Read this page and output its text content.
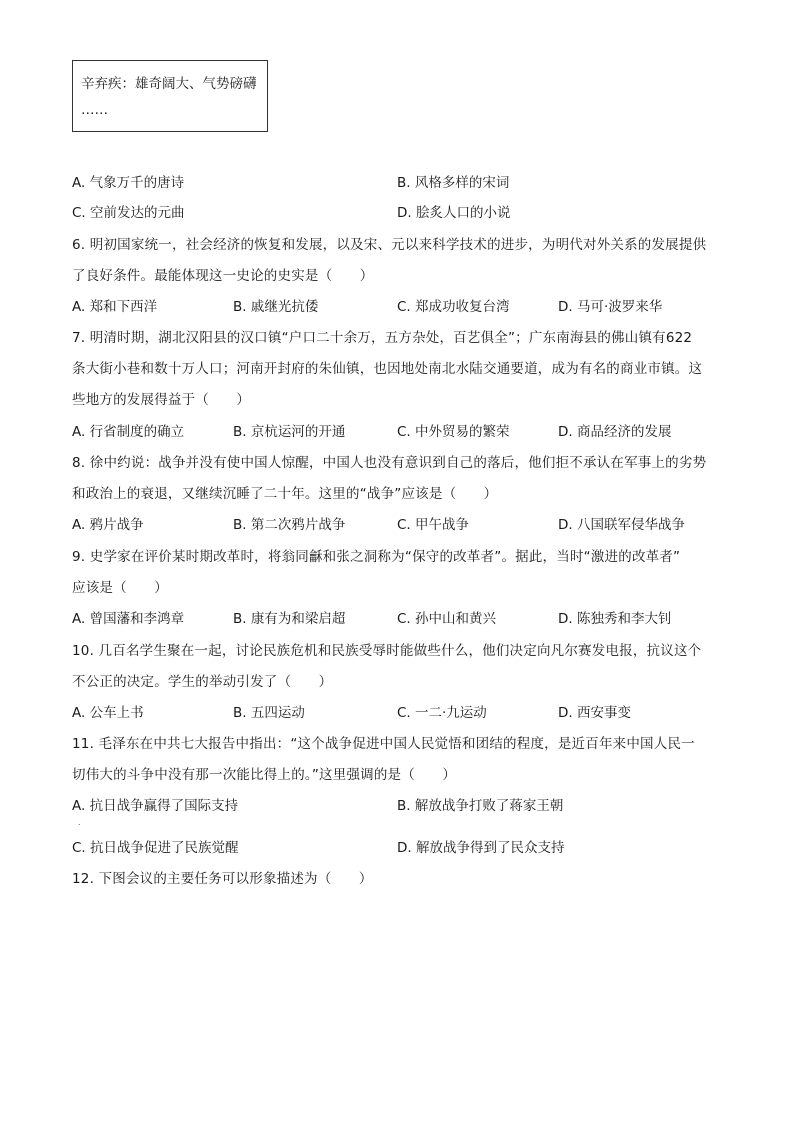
辛弃疾：雄奇阔大、气势磅礴
……
A. 气象万千的唐诗	B. 风格多样的宋词
C. 空前发达的元曲	D. 脍炙人口的小说
6. 明初国家统一，社会经济的恢复和发展，以及宋、元以来科学技术的进步，为明代对外关系的发展提供
了良好条件。最能体现这一史论的史实是（　　）
A. 郑和下西洋	B. 戚继光抗倭	C. 郑成功收复台湾	D. 马可·波罗来华
7. 明清时期，湖北汉阳县的汉口镇“户口二十余万，五方杂处，百艺俱全”；广东南海县的佛山镇有622
条大街小巷和数十万人口；河南开封府的朱仙镇，也因地处南北水陆交通要道，成为有名的商业市镇。这
些地方的发展得益于（　　）
A. 行省制度的确立	B. 京杭运河的开通	C. 中外贸易的繁荣	D. 商品经济的发展
8. 徐中约说：战争并没有使中国人惊醒，中国人也没有意识到自己的落后，他们拒不承认在军事上的劣势
和政治上的衰退，又继续沉睡了二十年。这里的“战争”应该是（　　）
A. 鸦片战争	B. 第二次鸦片战争	C. 甲午战争	D. 八国联军侵华战争
9. 史学家在评价某时期改革时，将翁同龢和张之洞称为“保守的改革者”。据此，当时“激进的改革者”
应该是（　　）
A. 曾国藩和李鸿章	B. 康有为和梁启超	C. 孙中山和黄兴	D. 陈独秀和李大钊
10. 几百名学生聚在一起，讨论民族危机和民族受辱时能做些什么，他们决定向凡尔赛发电报，抗议这个
不公正的决定。学生的举动引发了（　　）
A. 公车上书	B. 五四运动	C. 一二·九运动	D. 西安事变
11. 毛泽东在中共七大报告中指出：“这个战争促进中国人民觉悟和团结的程度，是近百年来中国人民一
切伟大的斗争中没有那一次能比得上的。”这里强调的是（　　）
A. 抗日战争赢得了国际支持	B. 解放战争打败了蒋家王朝
.
C. 抗日战争促进了民族觉醒	D. 解放战争得到了民众支持
12. 下图会议的主要任务可以形象描述为（　　）
